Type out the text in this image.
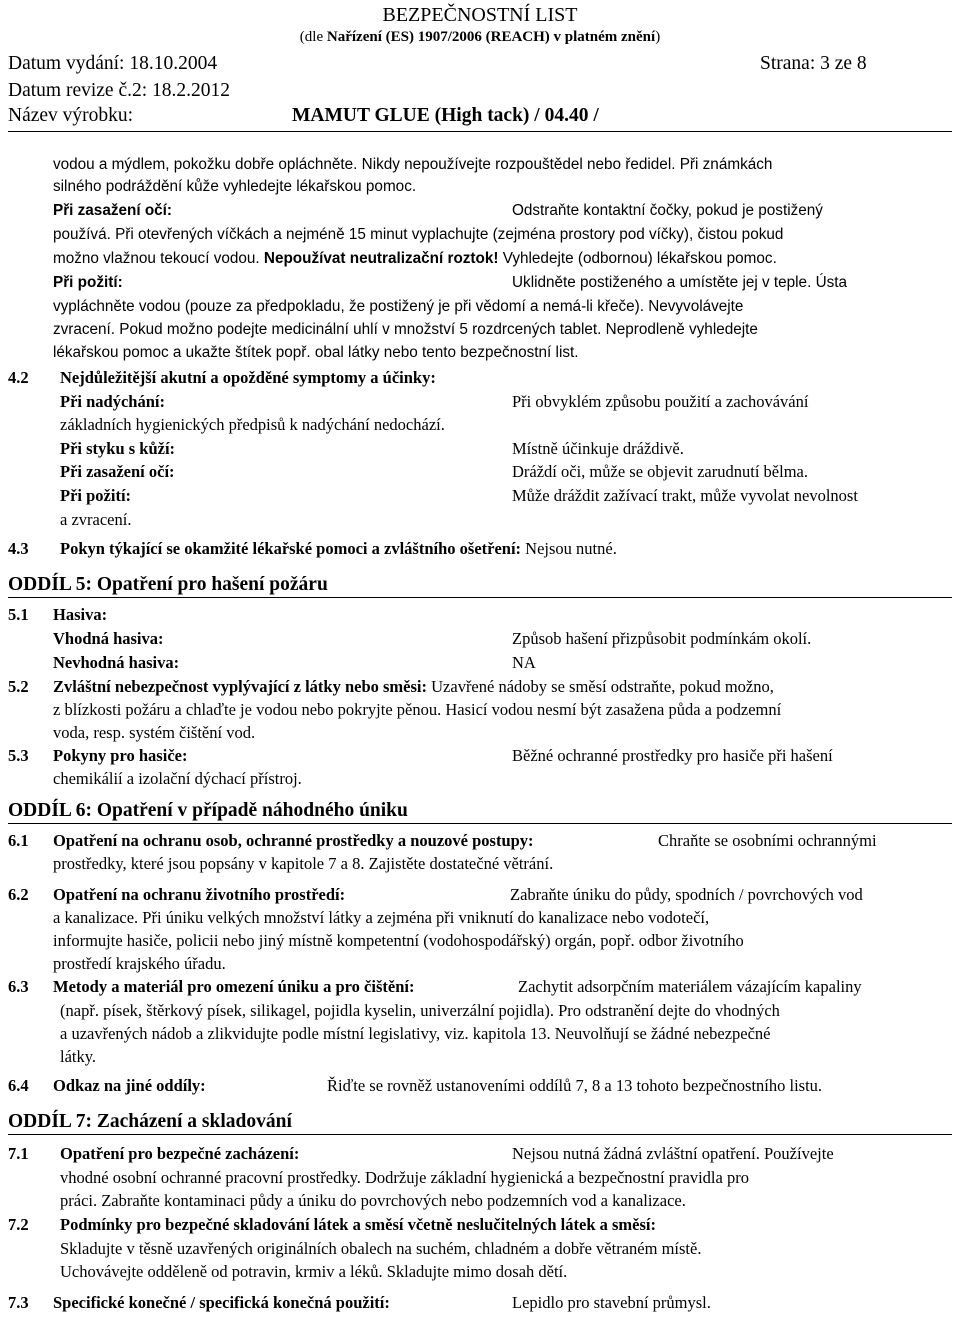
BEZPEČNOSTNÍ LIST
(dle Nařízení (ES) 1907/2006 (REACH) v platném znění)
Datum vydání: 18.10.2004	Strana: 3 ze 8
Datum revize č.2: 18.2.2012
Název výrobku:	MAMUT GLUE (High tack) / 04.40 /
vodou a mýdlem, pokožku dobře opláchněte. Nikdy nepoužívejte rozpouštědel nebo ředidel. Při známkách
silného podráždění kůže vyhledejte lékařskou pomoc.
Při zasažení očí:	Odstraňte kontaktní čočky, pokud je postižený
používá. Při otevřených víčkách a nejméně 15 minut vyplachujte (zejména prostory pod víčky), čistou pokud
možno vlažnou tekoucí vodou. Nepoužívat neutralizační roztok! Vyhledejte (odbornou) lékařskou pomoc.
Při požití:	Uklidněte postiženého a umístěte jej v teple. Ústa
vypláchněte vodou (pouze za předpokladu, že postižený je při vědomí a nemá-li křeče). Nevyvolávejte
zvracení. Pokud možno podejte medicinální uhlí v množství 5 rozdrcených tablet. Neprodleně vyhledejte
lékařskou pomoc a ukažte štítek popř. obal látky nebo tento bezpečnostní list.
4.2 Nejdůležitější akutní a opožděné symptomy a účinky:
Při nadýchání:	Při obvyklém způsobu použití a zachovávání
základních hygienických předpisů k nadýchání nedochází.
Při styku s kůží:	Místně účinkuje dráždivě.
Při zasažení očí:	Dráždí oči, může se objevit zarudnutí bělma.
Při požití:	Může dráždit zažívací trakt, může vyvolat nevolnost
a zvracení.
4.3 Pokyn týkající se okamžité lékařské pomoci a zvláštního ošetření: Nejsou nutné.
ODDÍL 5: Opatření pro hašení požáru
5.1 Hasiva:
Vhodná hasiva:	Způsob hašení přizpůsobit podmínkám okolí.
Nevhodná hasiva:	NA
5.2 Zvláštní nebezpečnost vyplývající z látky nebo směsi: Uzavřené nádoby se směsí odstraňte, pokud možno,
z blízkosti požáru a chlaďte je vodou nebo pokryjte pěnou. Hasicí vodou nesmí být zasažena půda a podzemní
voda, resp. systém čištění vod.
5.3 Pokyny pro hasiče:	Běžné ochranné prostředky pro hasiče při hašení
chemikálií a izolační dýchací přístroj.
ODDÍL 6: Opatření v případě náhodného úniku
6.1 Opatření na ochranu osob, ochranné prostředky a nouzové postupy:	Chraňte se osobními ochrannými
prostředky, které jsou popsány v kapitole 7 a 8. Zajistěte dostatečné větrání.
6.2 Opatření na ochranu životního prostředí:	Zabraňte úniku do půdy, spodních / povrchových vod
a kanalizace. Při úniku velkých množství látky a zejména při vniknutí do kanalizace nebo vodotečí,
informujte hasiče, policii nebo jiný místně kompetentní (vodohospodářský) orgán, popř. odbor životního
prostředí krajského úřadu.
6.3 Metody a materiál pro omezení úniku a pro čištění:	Zachytit adsorpčním materiálem vázajícím kapaliny
(např. písek, štěrkový písek, silikagel, pojidla kyselin, univerzální pojidla). Pro odstranění dejte do vhodných
a uzavřených nádob a zlikvidujte podle místní legislativy, viz. kapitola 13. Neuvolňují se žádné nebezpečné
látky.
6.4 Odkaz na jiné oddíly:	Řiďte se rovněž ustanoveními oddílů 7, 8 a 13 tohoto bezpečnostního listu.
ODDÍL 7: Zacházení a skladování
7.1 Opatření pro bezpečné zacházení:	Nejsou nutná žádná zvláštní opatření. Používejte
vhodné osobní ochranné pracovní prostředky. Dodržuje základní hygienická a bezpečnostní pravidla pro
práci. Zabraňte kontaminaci půdy a úniku do povrchových nebo podzemních vod a kanalizace.
7.2 Podmínky pro bezpečné skladování látek a směsí včetně neslučitelných látek a směsí:
Skladujte v těsně uzavřených originálních obalech na suchém, chladném a dobře větraném místě.
Uchovávejte odděleně od potravin, krmiv a léků. Skladujte mimo dosah dětí.
7.3 Specifické konečné / specifická konečná použití:	Lepidlo pro stavební průmysl.
